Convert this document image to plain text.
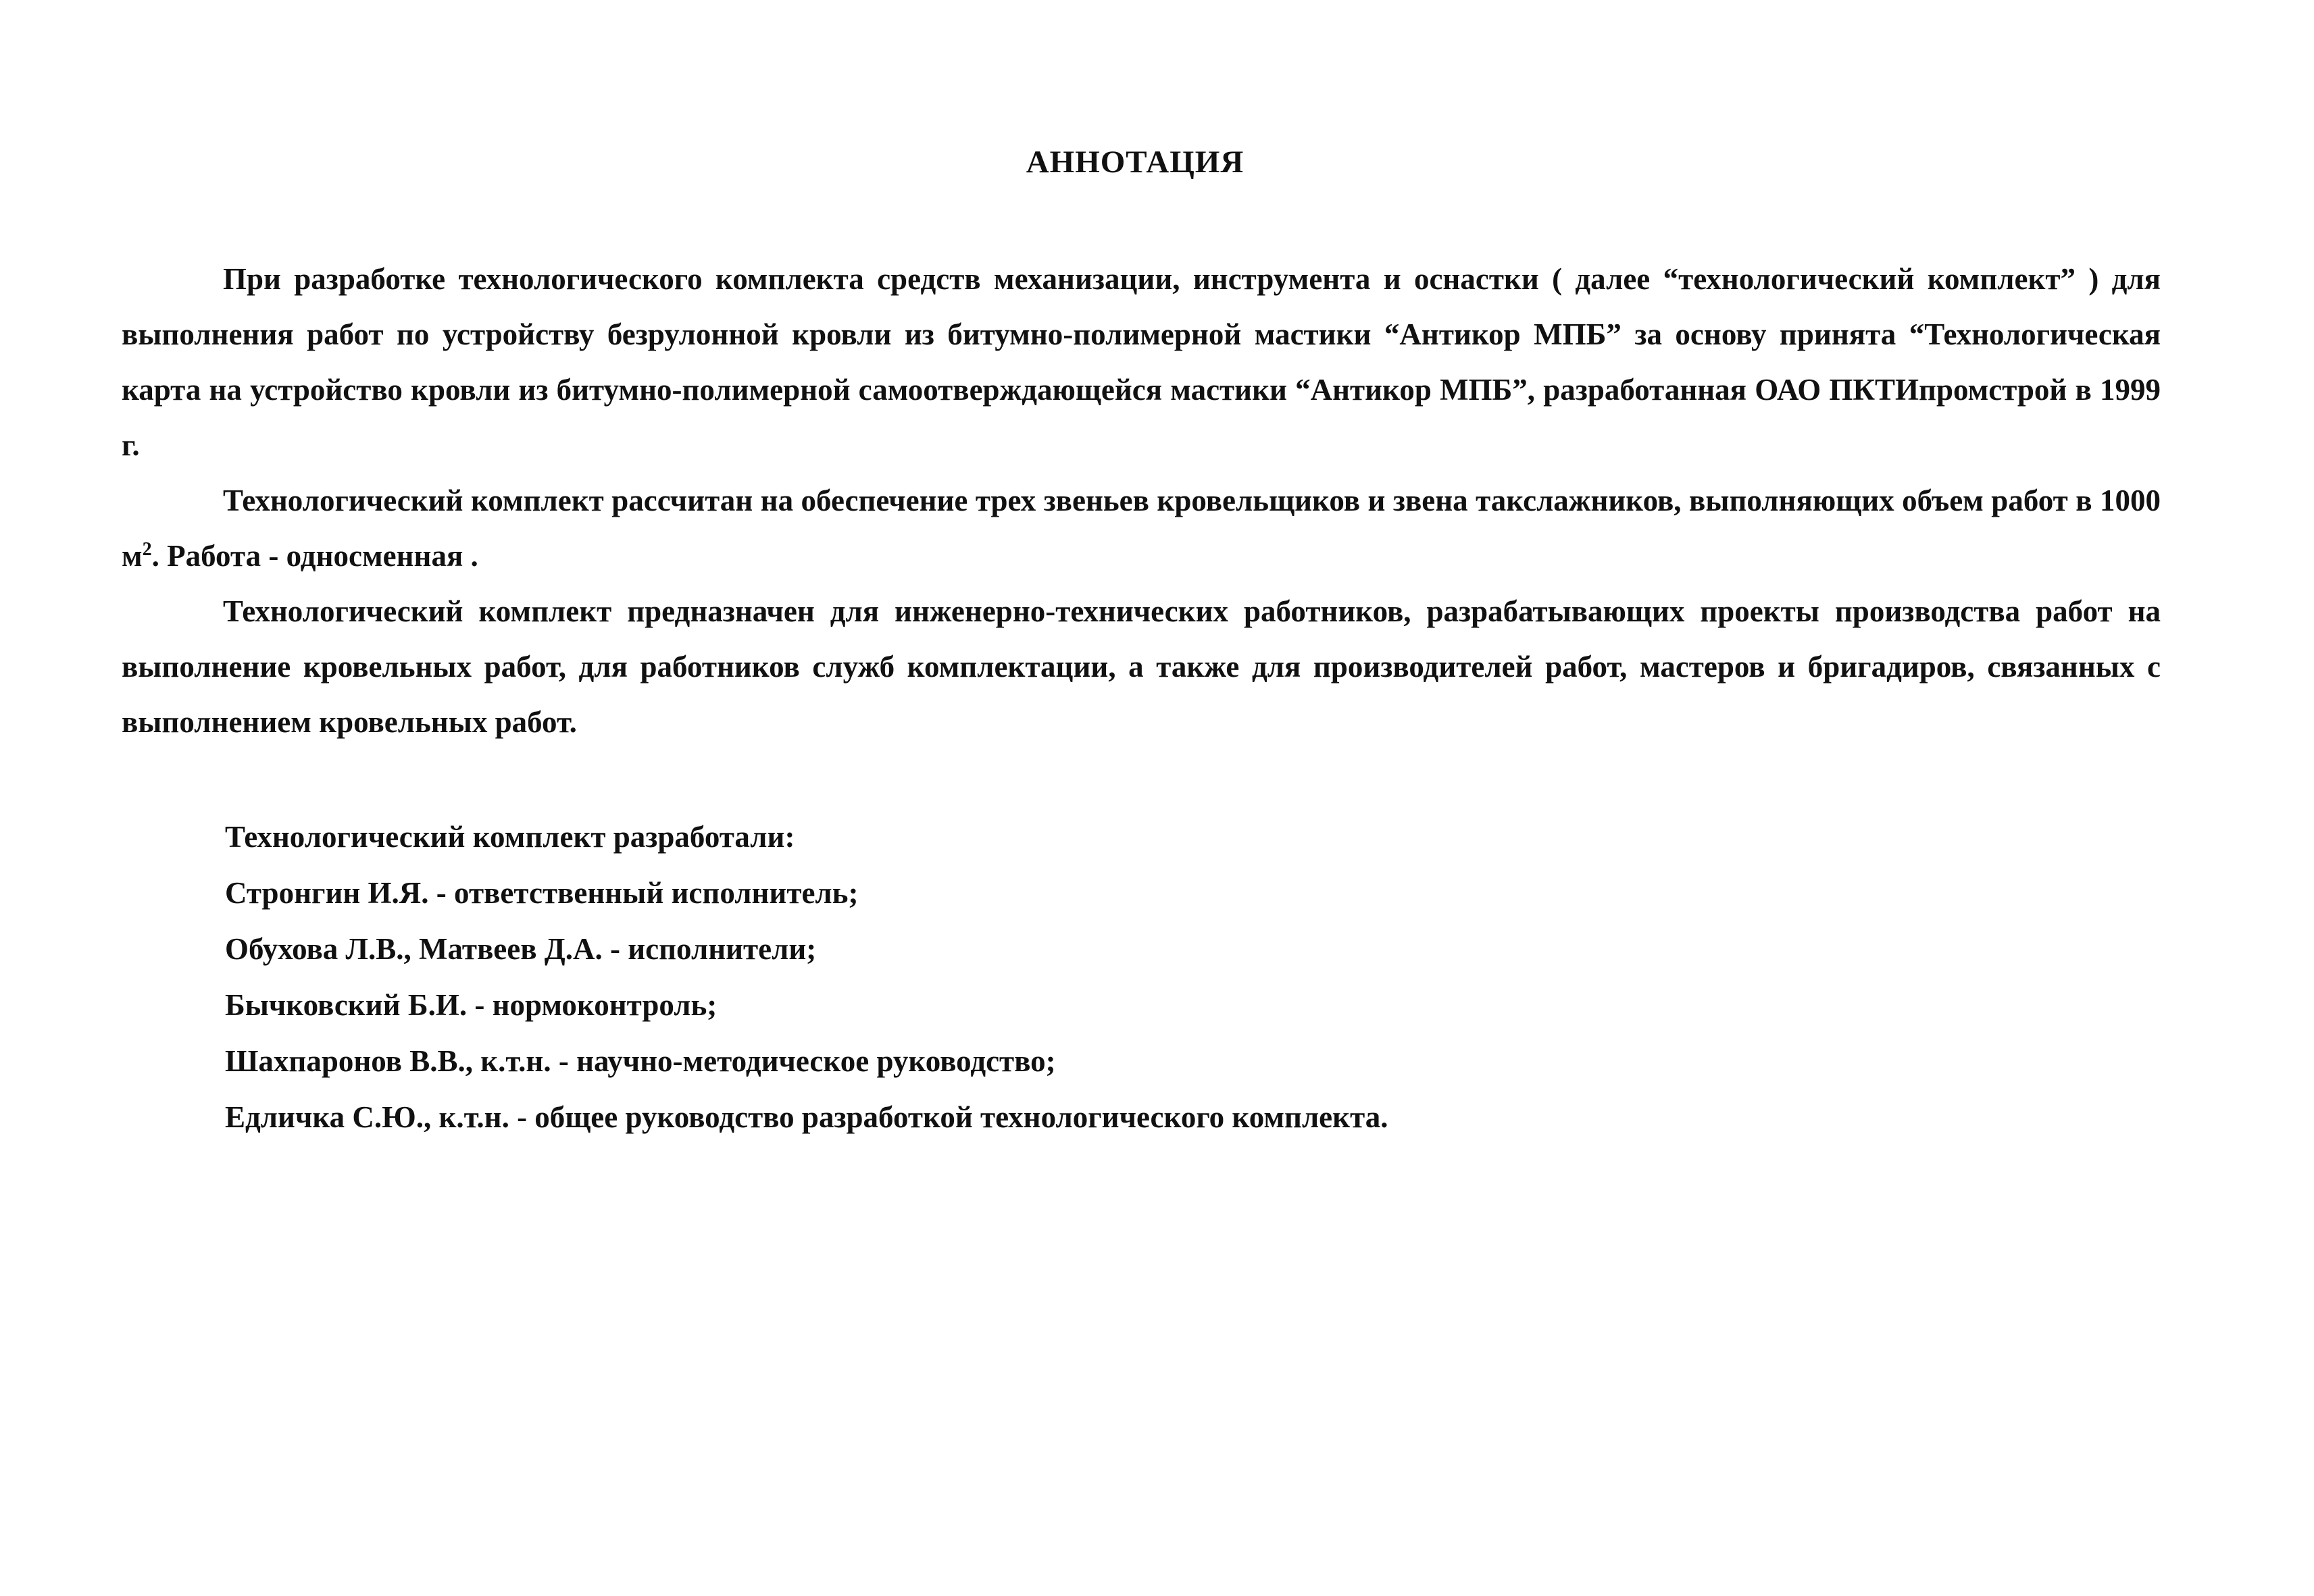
АННОТАЦИЯ

При разработке технологического комплекта средств механизации, инструмента и оснастки ( далее “технологический комплект” ) для выполнения работ по устройству безрулонной кровли из битумно-полимерной мастики “Антикор МПБ” за основу принята “Технологическая карта на устройство кровли из битумно-полимерной самоотверждающейся мастики “Антикор МПБ”, разработанная ОАО ПКТИпромстрой в 1999 г.

Технологический комплект рассчитан на обеспечение трех звеньев кровельщиков и звена такслажников, выполняющих объем работ в 1000 $м^2$. Работа - односменная .

Технологический комплект предназначен для инженерно-технических работников, разрабатывающих проекты производства работ на выполнение кровельных работ, для работников служб комплектации, а также для производителей работ, мастеров и бригадиров, связанных с выполнением кровельных работ.

Технологический комплект разработали:
Стронгин И.Я. - ответственный исполнитель;
Обухова Л.В., Матвеев Д.А. - исполнители;
Бычковский Б.И. - нормоконтроль;
Шахпаронов В.В., к.т.н. - научно-методическое руководство;
Едличка С.Ю., к.т.н. - общее руководство разработкой технологического комплекта.
